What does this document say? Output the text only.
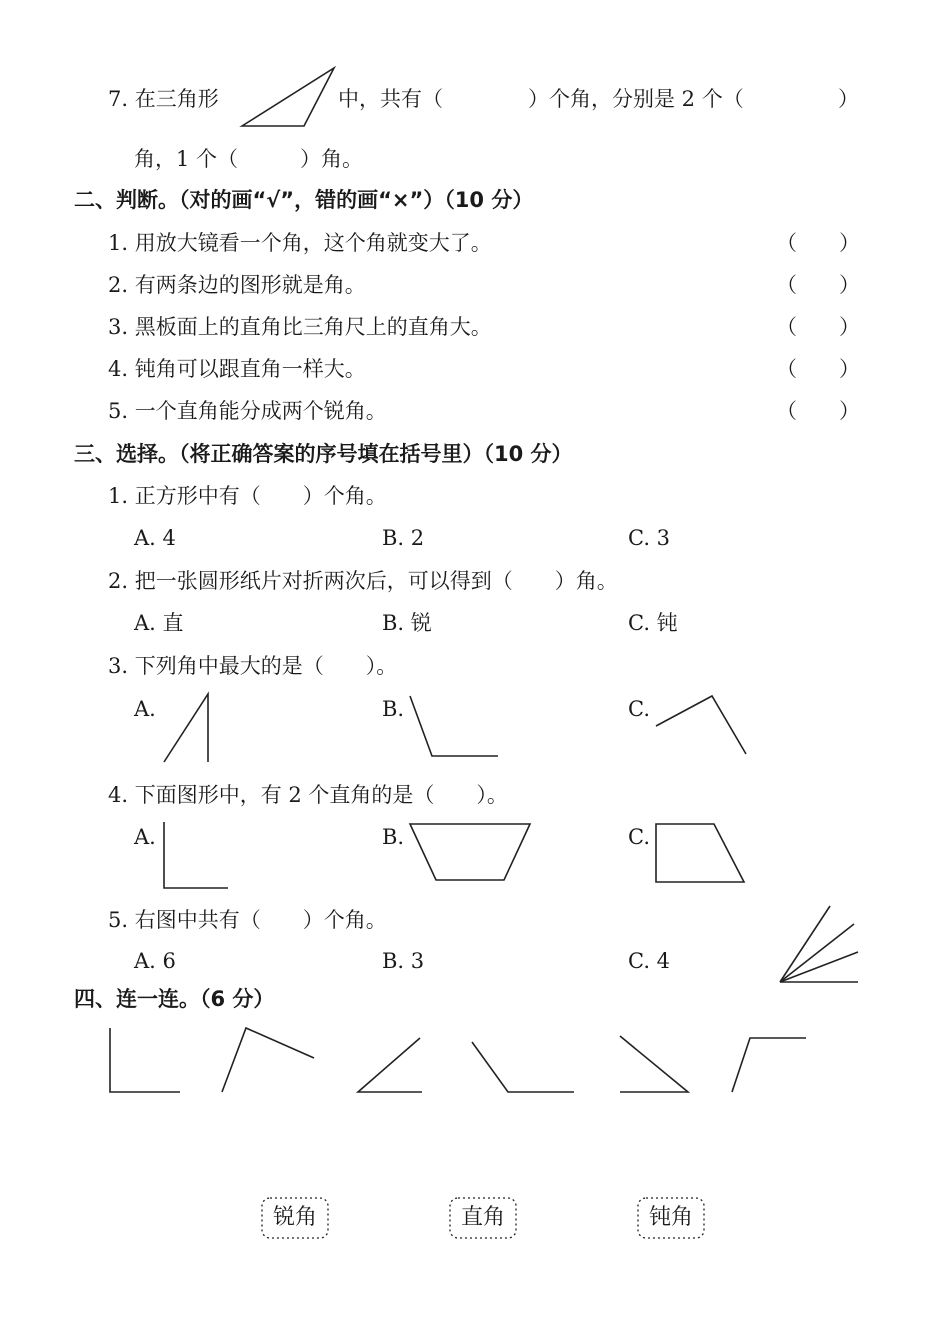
7. 在三角形	中，共有（	）个角，分别是 2 个（	）
角，1 个（	）角。
二、判断。（对的画“√”，错的画“×”）（10 分）
1. 用放大镜看一个角，这个角就变大了。	（　　）
2. 有两条边的图形就是角。	（　　）
3. 黑板面上的直角比三角尺上的直角大。	（　　）
4. 钝角可以跟直角一样大。	（　　）
5. 一个直角能分成两个锐角。	（　　）
三、选择。（将正确答案的序号填在括号里）（10 分）
1. 正方形中有（　　）个角。
A. 4	B. 2	C. 3
2. 把一张圆形纸片对折两次后，可以得到（　　）角。
A. 直	B. 锐	C. 钝
3. 下列角中最大的是（　　）。
A.	B.	C.
4. 下面图形中，有 2 个直角的是（　　）。
A.	B.	C.
5. 右图中共有（　　）个角。
A. 6	B. 3	C. 4
四、连一连。（6 分）
锐角	直角	钝角
